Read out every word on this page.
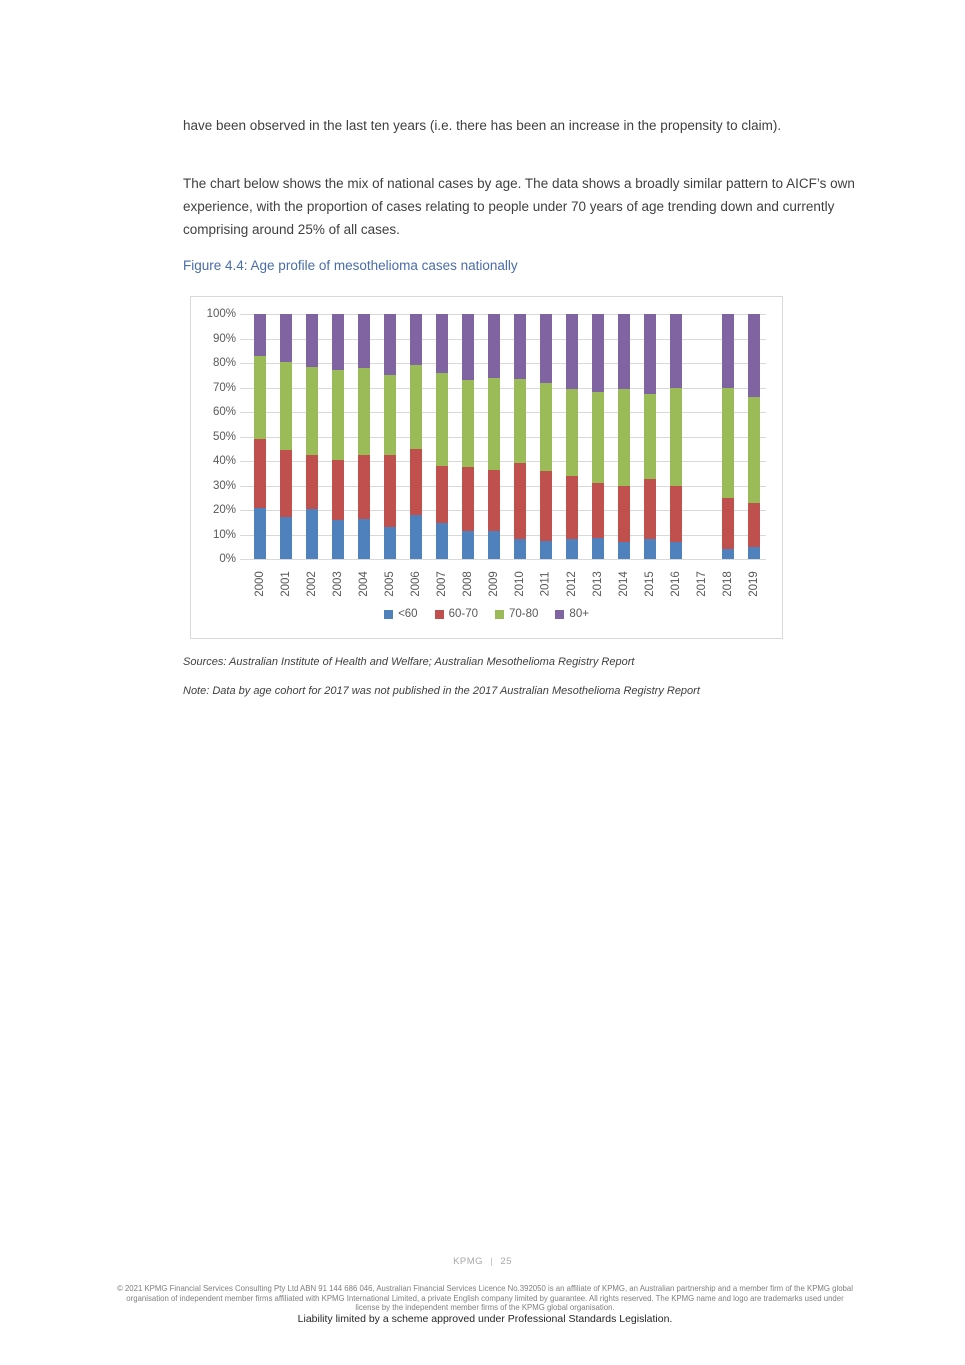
have been observed in the last ten years (i.e. there has been an increase in the propensity to claim).

The chart below shows the mix of national cases by age. The data shows a broadly similar pattern to AICF’s own experience, with the proportion of cases relating to people under 70 years of age trending down and currently comprising around 25% of all cases.

Figure 4.4: Age profile of mesothelioma cases nationally
0%
10%
20%
30%
40%
50%
60%
70%
80%
90%
100%
2000 2001 2002 2003 2004 2005 2006 2007 2008 2009 2010 2011 2012 2013 2014 2015 2016 2017 2018 2019
<60	60-70	70-80	80+

Sources: Australian Institute of Health and Welfare; Australian Mesothelioma Registry Report

Note: Data by age cohort for 2017 was not published in the 2017 Australian Mesothelioma Registry Report

KPMG | 25
© 2021 KPMG Financial Services Consulting Pty Ltd ABN 91 144 686 046, Australian Financial Services Licence No.392050 is an affiliate of KPMG, an Australian partnership and a member firm of the KPMG global organisation of independent member firms affiliated with KPMG International Limited, a private English company limited by guarantee. All rights reserved. The KPMG name and logo are trademarks used under license by the independent member firms of the KPMG global organisation.
Liability limited by a scheme approved under Professional Standards Legislation.
